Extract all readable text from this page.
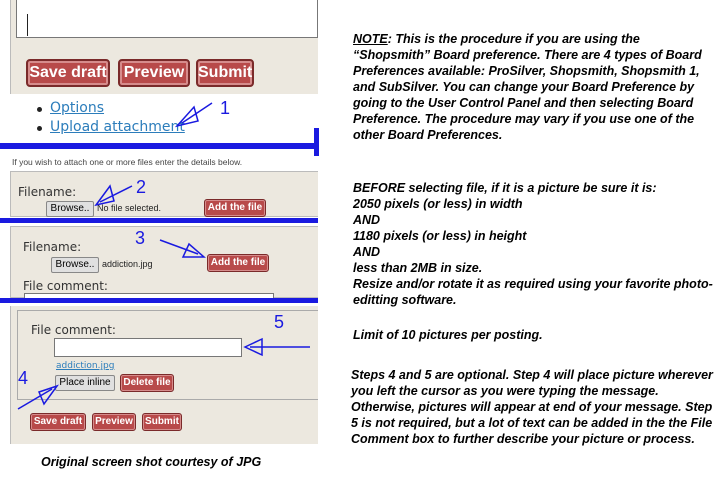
Save draft	Preview Submit
Options
Upload attachment
If you wish to attach one or more files enter the details below.
Filename:
Browse.. No file selected.	Add the file
Filename:
Browse.. addiction.jpg	Add the file
File comment:
File comment:
addiction.jpg
Place inline	Delete file
Save draft	Preview	Submit
1
2
3
4
5

NOTE: This is the procedure if you are using the “Shopsmith” Board preference. There are 4 types of Board Preferences available: ProSilver, Shopsmith, Shopsmith 1, and SubSilver. You can change your Board Preference by going to the User Control Panel and then selecting Board Preference. The procedure may vary if you use one of the other Board Preferences.

BEFORE selecting file, if it is a picture be sure it is:

2050 pixels (or less) in width

AND

1180 pixels (or less) in height

AND

less than 2MB in size.

Resize and/or rotate it as required using your favorite photo-editting software.

Limit of 10 pictures per posting.
Steps 4 and 5 are optional. Step 4 will place picture wherever you left the cursor as you were typing the message. Otherwise, pictures will appear at end of your message. Step 5 is not required, but a lot of text can be added in the the File Comment box to further describe your picture or process.
Original screen shot courtesy of JPG
